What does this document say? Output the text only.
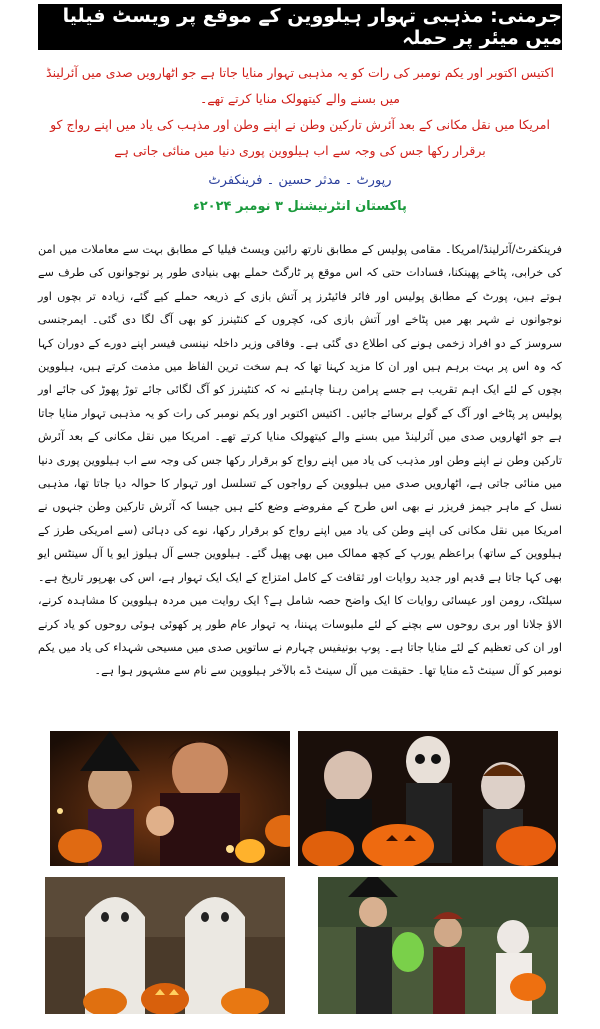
جرمنی: مذہبی تہوار ہیلووین کے موقع پر ویسٹ فیلیا میں میئر پر حملہ

اکتیس اکتوبر اور یکم نومبر کی رات کو یہ مذہبی تہوار منایا جاتا ہے جو اٹھارویں صدی میں آئرلینڈ میں بسنے والے کیتھولک منایا کرتے تھے۔

امریکا میں نقل مکانی کے بعد آئرش تارکین وطن نے اپنے وطن اور مذہب کی یاد میں اپنے رواج کو برقرار رکھا جس کی وجہ سے اب ہیلووین پوری دنیا میں منائی جاتی ہے

رپورٹ ۔ مدثر حسین ۔ فرینکفرٹ

پاکستان انٹرنیشنل ۳ نومبر ۲۰۲۴ء

فرینکفرٹ/آئرلینڈ/امریکا۔ مقامی پولیس کے مطابق نارتھ رائین ویسٹ فیلیا کے مطابق بہت سے معاملات میں امن کی خرابی، پٹاخے پھینکنا، فسادات حتی کہ اس موقع پر ٹارگٹ حملے بھی بنیادی طور پر نوجوانوں کی طرف سے ہوتے ہیں، پورٹ کے مطابق پولیس اور فائر فائیٹرز پر آتش بازی کے ذریعہ حملے کیے گئے، زیادہ تر بچوں اور نوجوانوں نے شہر بھر میں پٹاخے اور آتش بازی کی، کچروں کے کنٹینرز کو بھی آگ لگا دی گئی۔ ایمرجنسی سروسز کے دو افراد زخمی ہونے کی اطلاع دی گئی ہے۔ وفاقی وزیر داخلہ نینسی فیسر اپنے دورے کے دوران کہا کہ وہ اس پر بہت برہم ہیں اور ان کا مزید کہنا تھا کہ ہم سخت ترین الفاظ میں مذمت کرتے ہیں، ہیلووین بچوں کے لئے ایک اہم تقریب ہے جسے پرامن رہنا چاہئیے نہ کہ کنٹینرز کو آگ لگائی جائے توڑ پھوڑ کی جائے اور پولیس پر پٹاخے اور آگ کے گولے برسائے جائیں۔ اکتیس اکتوبر اور یکم نومبر کی رات کو یہ مذہبی تہوار منایا جاتا ہے جو اٹھارویں صدی میں آئرلینڈ میں بسنے والے کیتھولک منایا کرتے تھے۔ امریکا میں نقل مکانی کے بعد آئرش تارکین وطن نے اپنے وطن اور مذہب کی یاد میں اپنے رواج کو برقرار رکھا جس کی وجہ سے اب ہیلووین پوری دنیا میں منائی جاتی ہے، اٹھارویں صدی میں ہیلووین کے رواجوں کے تسلسل اور تہوار کا حوالہ دیا جاتا تھا، مذہبی نسل کے ماہر جیمز فریزر نے بھی اس طرح کے مفروضے وضع کئے ہیں جیسا کہ آئرش تارکین وطن جنہوں نے امریکا میں نقل مکانی کی اپنے وطن کی یاد میں اپنے رواج کو برقرار رکھا، نوے کی دہائی (سے امریکی طرز کے ہیلووین کے ساتھ) براعظم یورپ کے کچھ ممالک میں بھی پھیل گئے۔ ہیلووین جسے آل ہیلوز ایو یا آل سینٹس ایو بھی کہا جاتا ہے قدیم اور جدید روایات اور ثقافت کے کامل امتزاج کے ایک ایک تہوار ہے، اس کی بھرپور تاریخ ہے۔ سیلٹک، رومن اور عیسائی روایات کا ایک واضح حصہ شامل ہے؟ ایک روایت میں مردہ ہیلووین کا مشاہدہ کرنے، الاؤ جلانا اور بری روحوں سے بچنے کے لئے ملبوسات پہننا، یہ تہوار عام طور پر کھوئی ہوئی روحوں کو یاد کرنے اور ان کی تعظیم کے لئے منایا جاتا ہے۔ پوپ بونیفیس چہارم نے ساتویں صدی میں مسیحی شہداء کی یاد میں یکم نومبر کو آل سینٹ ڈے منایا تھا۔ حقیقت میں آل سینٹ ڈے بالآخر ہیلووین سے نام سے مشہور ہوا ہے۔
